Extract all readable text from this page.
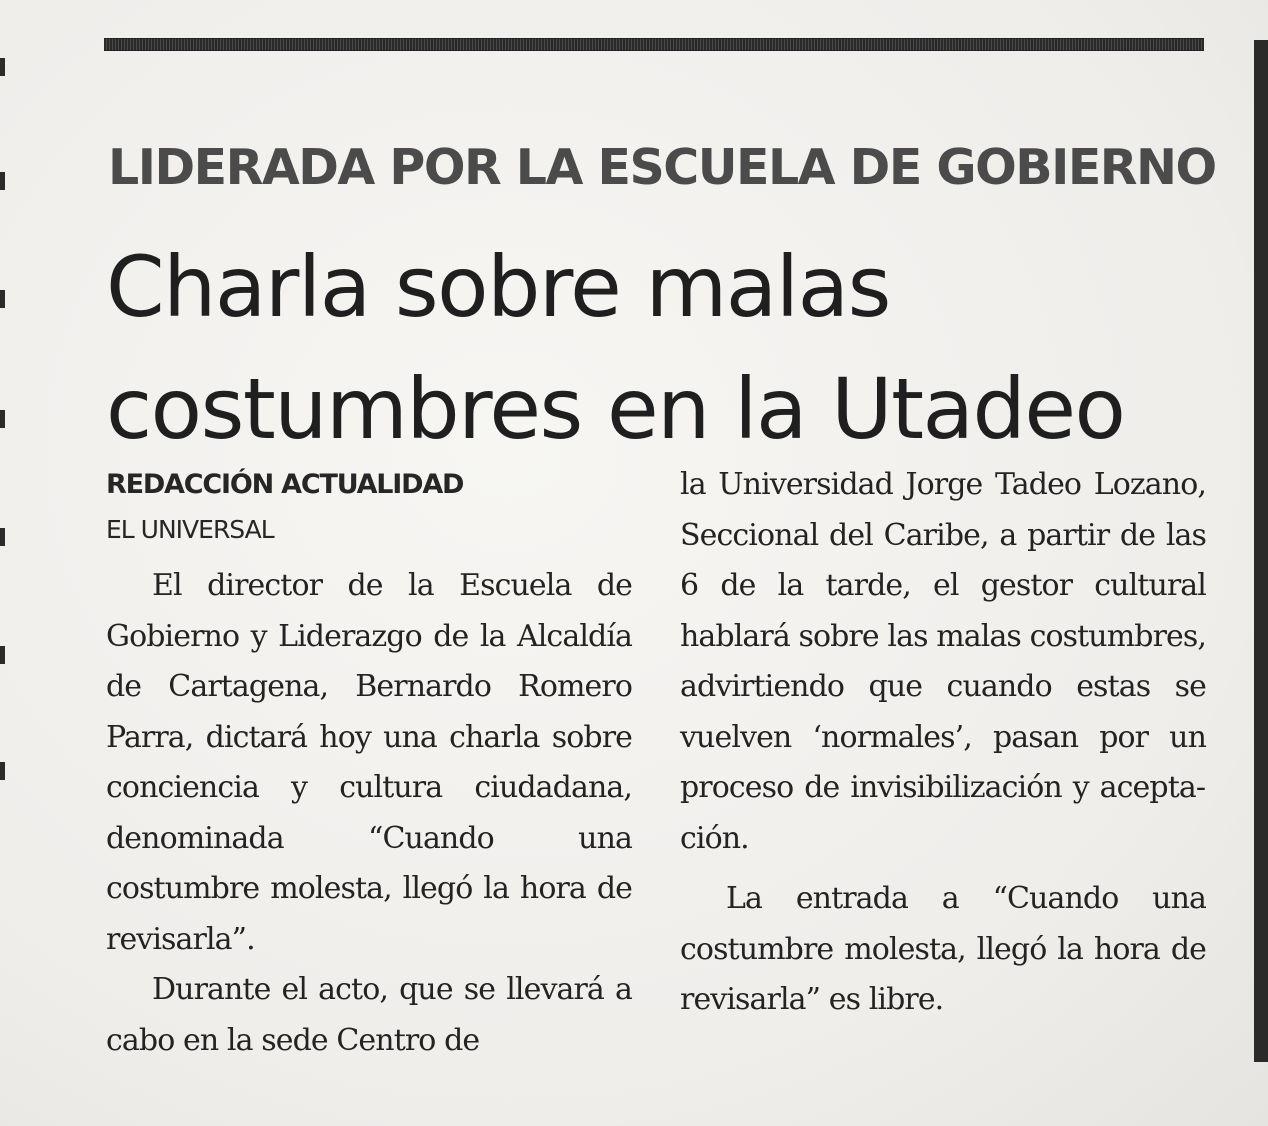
LIDERADA POR LA ESCUELA DE GOBIERNO
Charla sobre malas
costumbres en la Utadeo
REDACCIÓN ACTUALIDAD
EL UNIVERSAL

El director de la Escuela de Gobierno y Liderazgo de la Alcaldía de Cartagena, Bernardo Romero Parra, dictará hoy una charla sobre conciencia y cultura ciudadana, denominada “Cuando una costumbre molesta, llegó la hora de revisarla”.

Durante el acto, que se llevará a cabo en la sede Centro de

la Universidad Jorge Tadeo Lozano, Seccional del Caribe, a partir de las 6 de la tarde, el gestor cultural hablará sobre las malas costumbres, advirtiendo que cuando estas se vuelven ‘normales’, pasan por un proceso de invisibilización y aceptación.

La entrada a “Cuando una costumbre molesta, llegó la hora de revisarla” es libre.
